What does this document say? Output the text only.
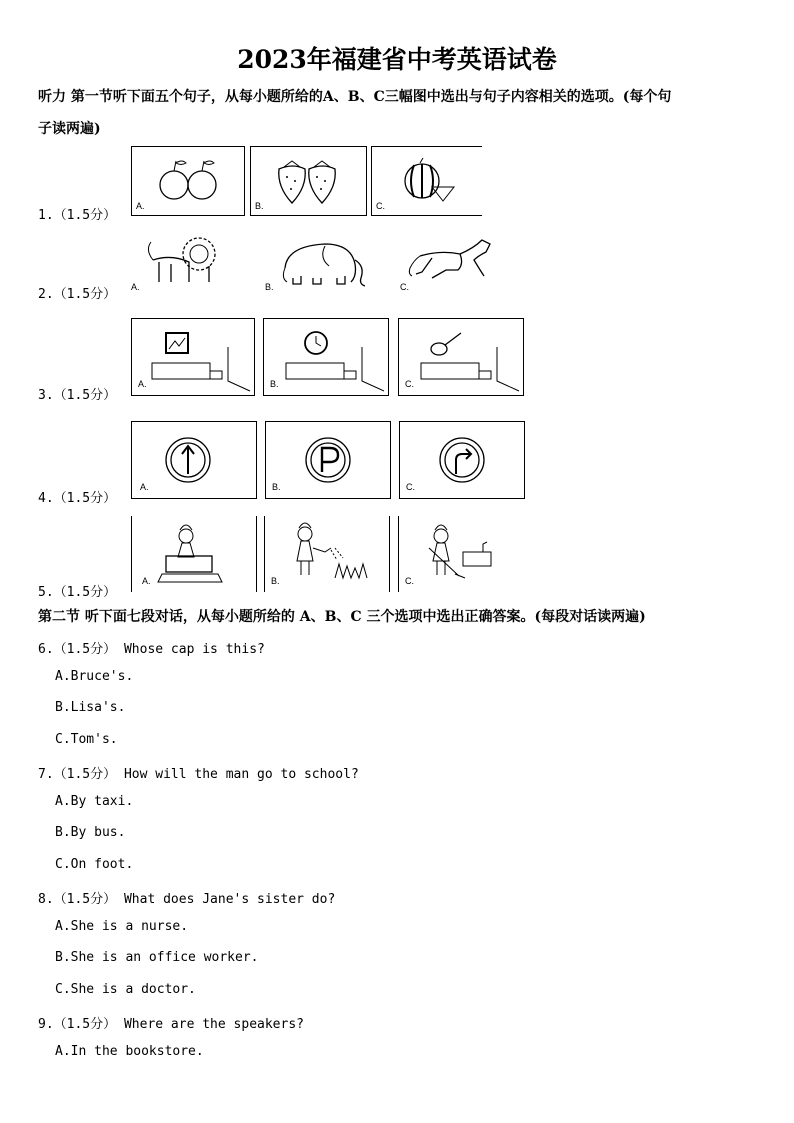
2023年福建省中考英语试卷
听力 第一节听下面五个句子，从每小题所给的A、B、C三幅图中选出与句子内容相关的选项。(每个句
子读两遍)
1.（1.5分）
A.	B.	C.
2.（1.5分） A.	B.	C.
3.（1.5分）
A.	B.	C.
4.（1.5分）
A.	B.	C.
5.（1.5分）
A.	B.	C.
第二节 听下面七段对话，从每小题所给的 A、B、C 三个选项中选出正确答案。(每段对话读两遍)
6.（1.5分） Whose cap is this?
A.Bruce's.
B.Lisa's.
C.Tom's.
7.（1.5分） How will the man go to school?
A.By taxi.
B.By bus.
C.On foot.
8.（1.5分） What does Jane's sister do?
A.She is a nurse.
B.She is an office worker.
C.She is a doctor.
9.（1.5分） Where are the speakers?
A.In the bookstore.
